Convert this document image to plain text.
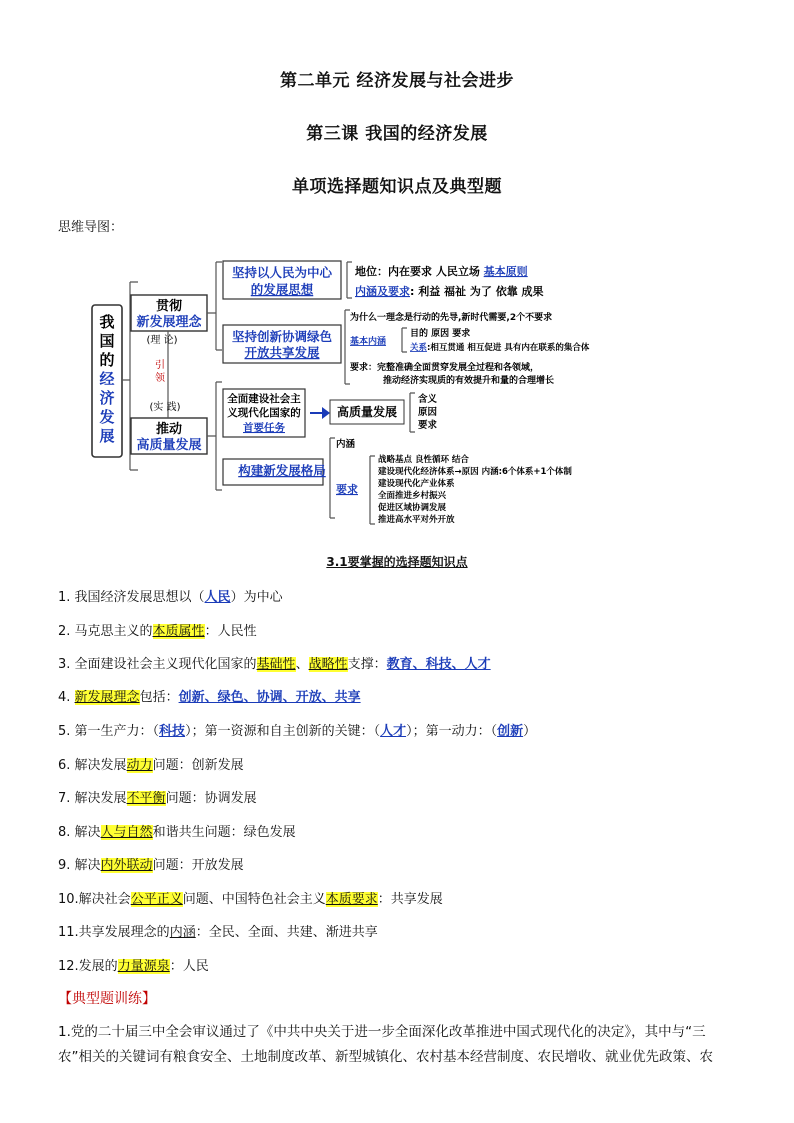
第二单元 经济发展与社会进步
第三课 我国的经济发展
单项选择题知识点及典型题
思维导图：
我
国
的
经
济
发
展
贯彻
新发展理念
推动
高质量发展
(理 论)
引
领
(实 践)
坚持以人民为中心
的发展思想
坚持创新协调绿色
开放共享发展
构建新发展格局
地位：内在要求 人民立场 基本原则
内涵及要求: 利益 福祉 为了 依靠 成果
为什么一理念是行动的先导,新时代需要,2个不要求
基本内涵
目的 原因 要求
关系:相互贯通 相互促进 具有内在联系的集合体
要求：完整准确全面贯穿发展全过程和各领域，
推动经济实现质的有效提升和量的合理增长
全面建设社会主
义现代化国家的
首要任务
高质量发展
含义
原因
要求
内涵
要求
战略基点 良性循环 结合
建设现代化经济体系→原因 内涵:6个体系+1个体制
建设现代化产业体系
全面推进乡村振兴
促进区域协调发展
推进高水平对外开放
3.1要掌握的选择题知识点
1. 我国经济发展思想以（人民）为中心
2. 马克思主义的本质属性：人民性
3. 全面建设社会主义现代化国家的基础性、战略性支撑：教育、科技、人才
4. 新发展理念包括：创新、绿色、协调、开放、共享
5. 第一生产力：（科技）；第一资源和自主创新的关键：（人才）；第一动力：（创新）
6. 解决发展动力问题：创新发展
7. 解决发展不平衡问题：协调发展
8. 解决人与自然和谐共生问题：绿色发展
9. 解决内外联动问题：开放发展
10.解决社会公平正义问题、中国特色社会主义本质要求：共享发展
11.共享发展理念的内涵：全民、全面、共建、渐进共享
12.发展的力量源泉：人民
【典型题训练】
1.党的二十届三中全会审议通过了《中共中央关于进一步全面深化改革推进中国式现代化的决定》，其中与“三
农”相关的关键词有粮食安全、土地制度改革、新型城镇化、农村基本经营制度、农民增收、就业优先政策、农
